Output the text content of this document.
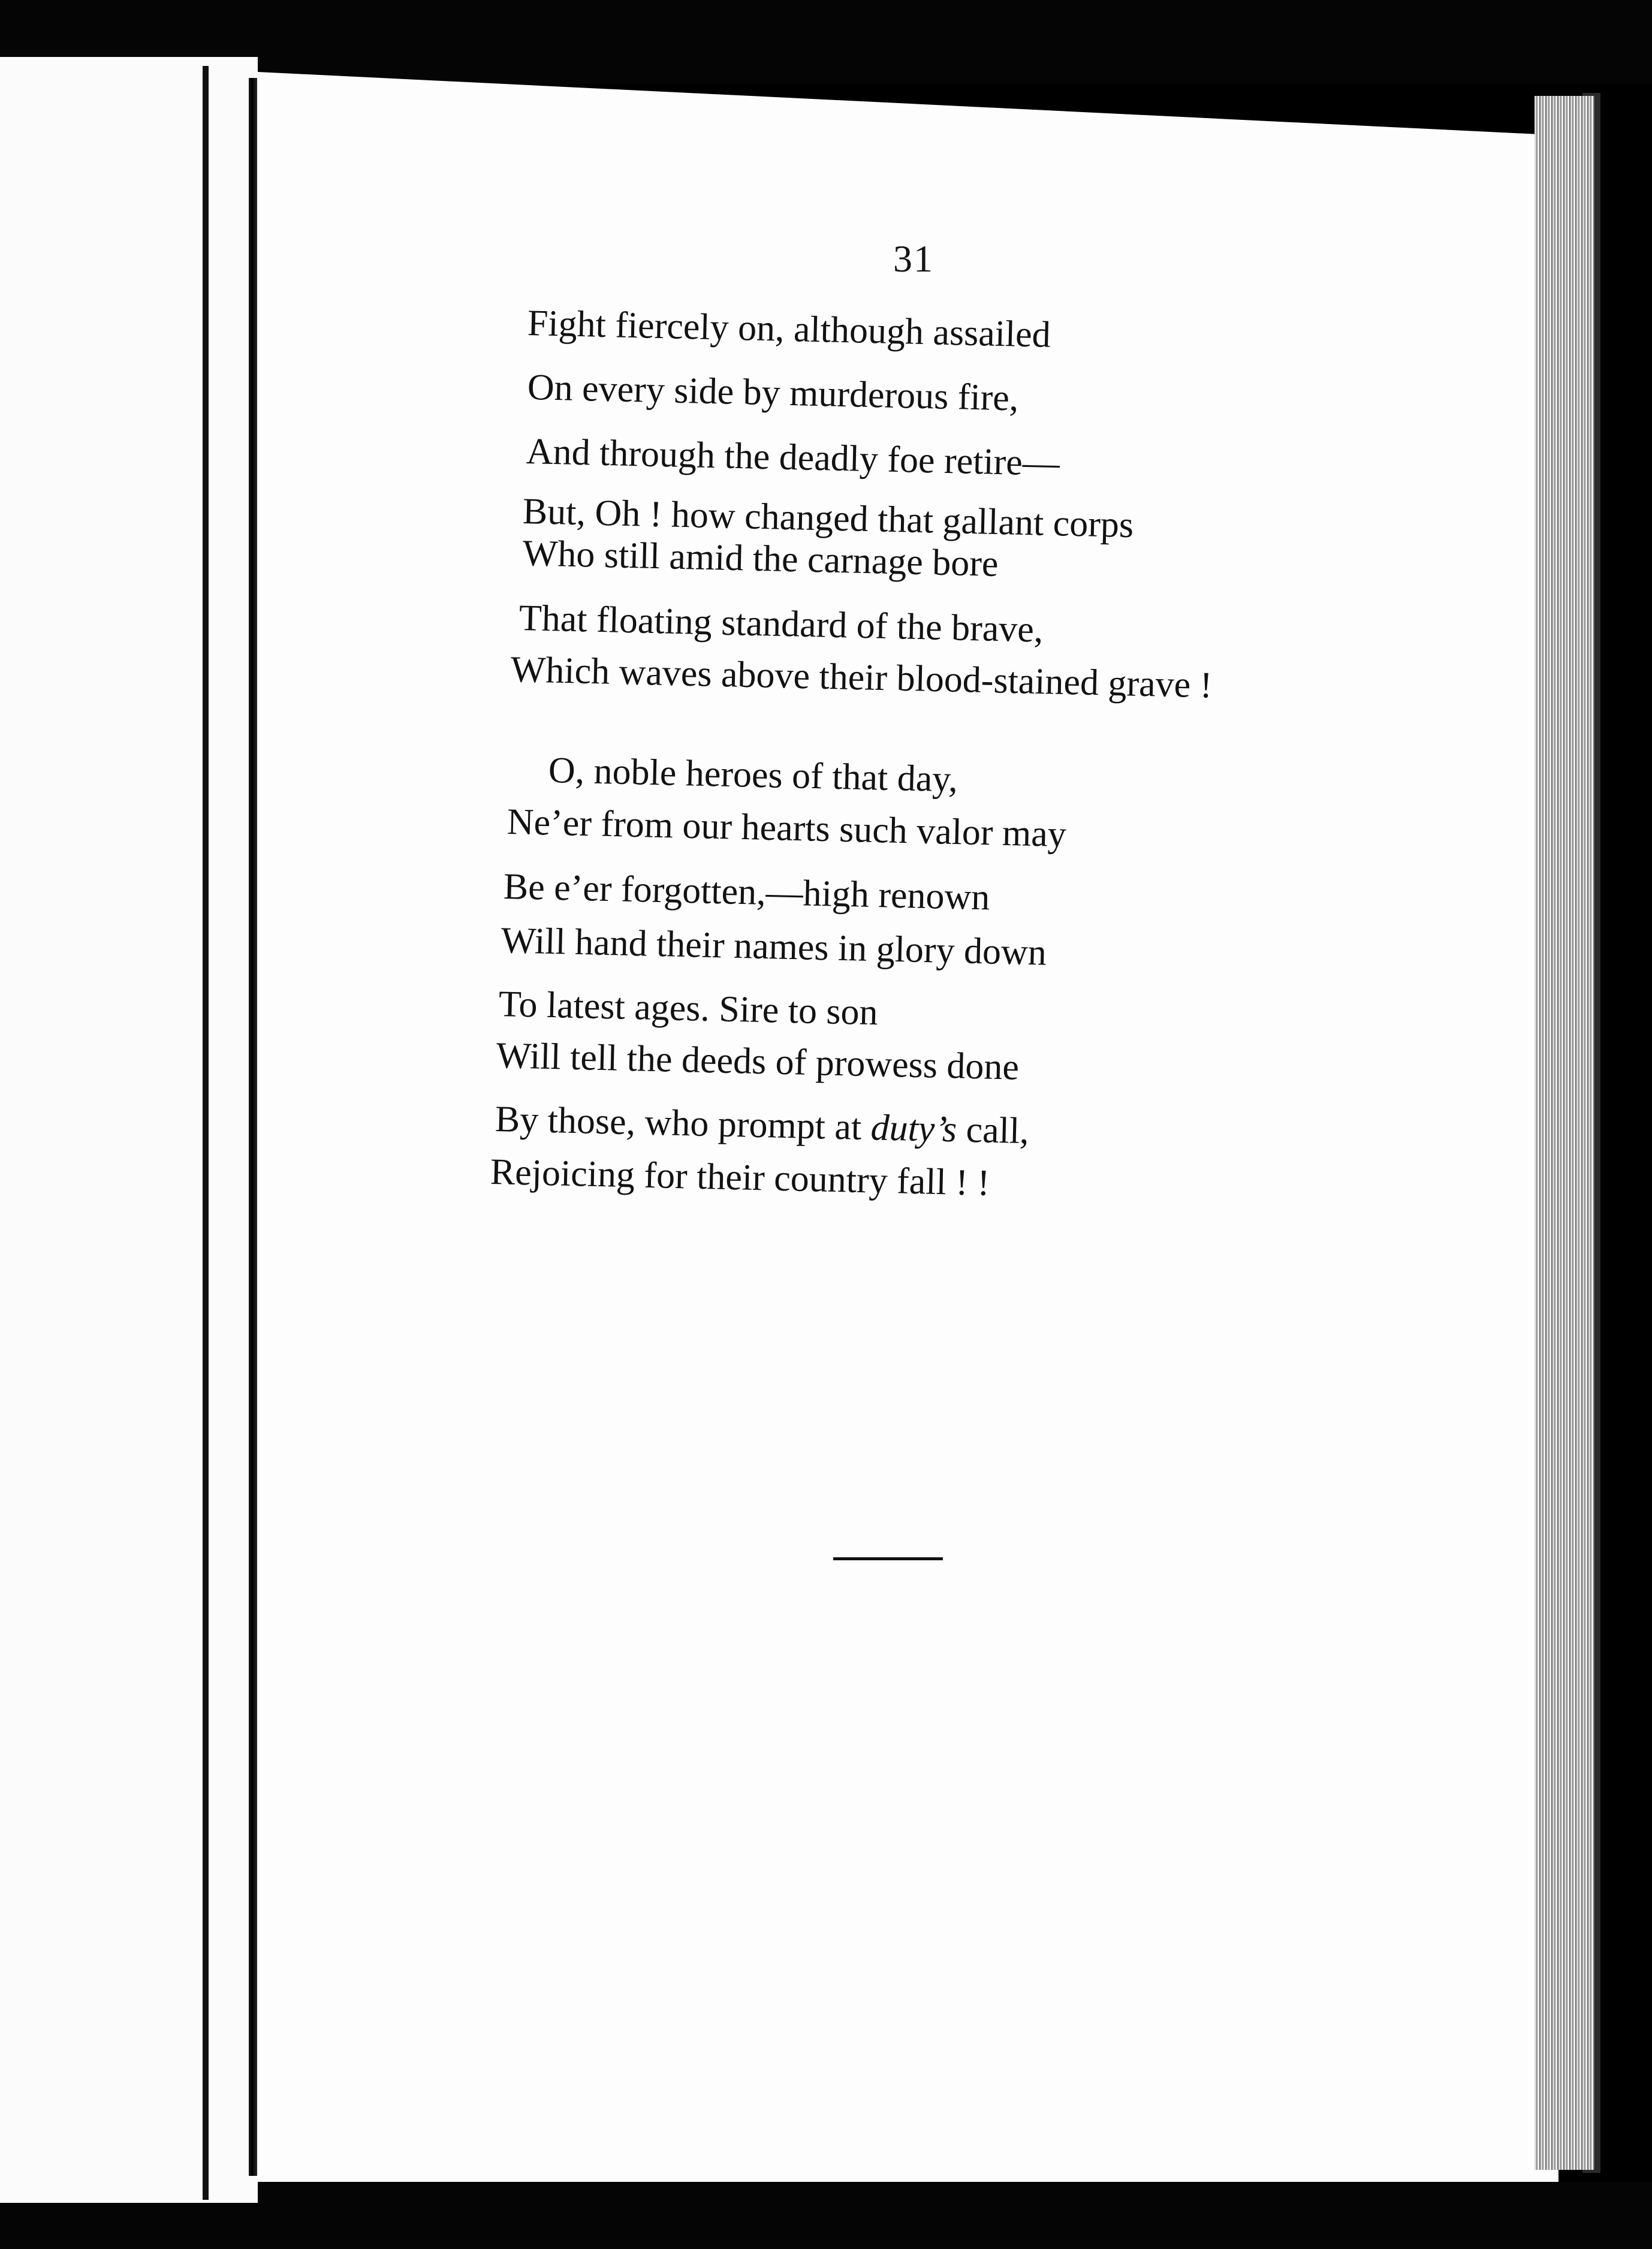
31
Fight fiercely on, although assailed
On every side by murderous fire,
And through the deadly foe retire—
But, Oh ! how changed that gallant corps
Who still amid the carnage bore
That floating standard of the brave,
Which waves above their blood-stained grave !
O, noble heroes of that day,
Ne’er from our hearts such valor may
Be e’er forgotten,—high renown
Will hand their names in glory down
To latest ages. Sire to son
Will tell the deeds of prowess done
By those, who prompt at duty’s call,
Rejoicing for their country fall ! !
